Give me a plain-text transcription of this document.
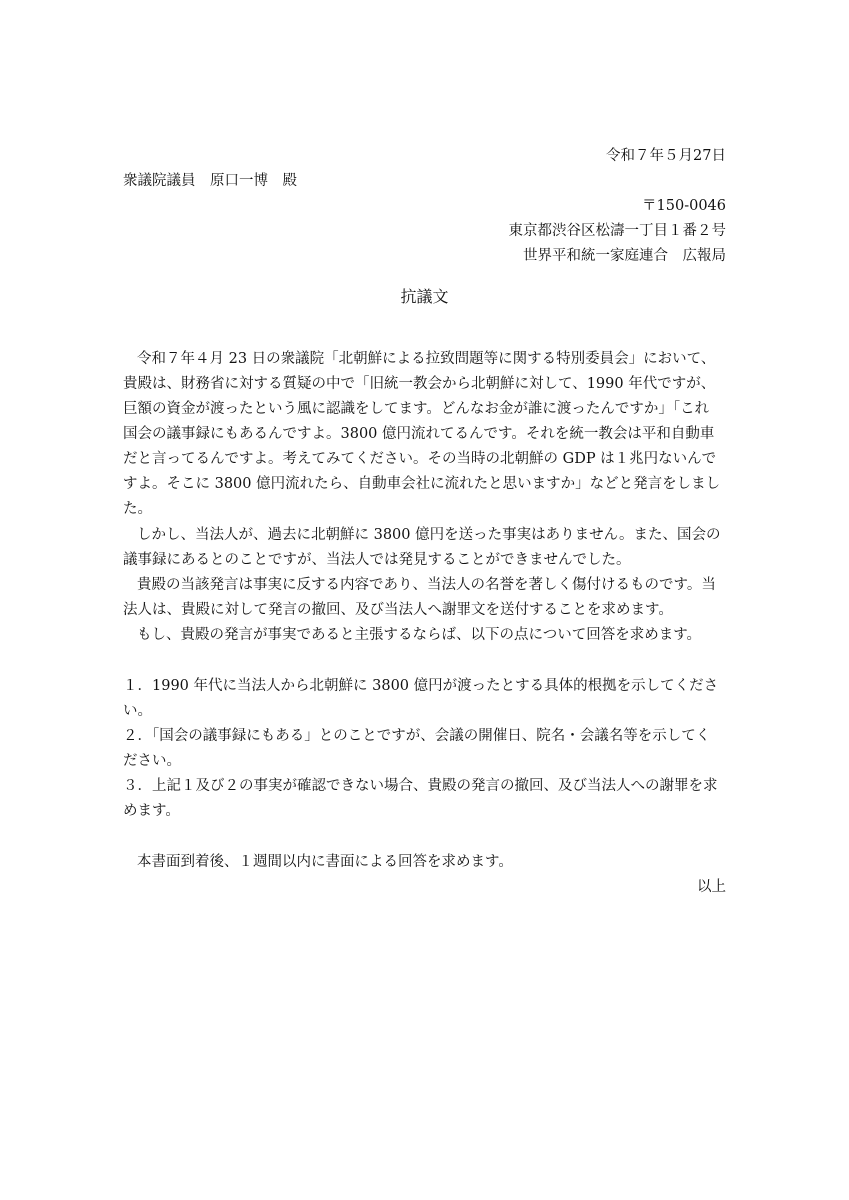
令和７年５月27日
衆議院議員　原口一博　殿
〒150-0046
東京都渋谷区松濤一丁目１番２号
世界平和統一家庭連合　広報局
抗議文
令和７年４月 23 日の衆議院「北朝鮮による拉致問題等に関する特別委員会」において、
貴殿は、財務省に対する質疑の中で「旧統一教会から北朝鮮に対して、1990 年代ですが、
巨額の資金が渡ったという風に認識をしてます。どんなお金が誰に渡ったんですか」「これ
国会の議事録にもあるんですよ。3800 億円流れてるんです。それを統一教会は平和自動車
だと言ってるんですよ。考えてみてください。その当時の北朝鮮の GDP は１兆円ないんで
すよ。そこに 3800 億円流れたら、自動車会社に流れたと思いますか」などと発言をしまし
た。
しかし、当法人が、過去に北朝鮮に 3800 億円を送った事実はありません。また、国会の
議事録にあるとのことですが、当法人では発見することができませんでした。
貴殿の当該発言は事実に反する内容であり、当法人の名誉を著しく傷付けるものです。当
法人は、貴殿に対して発言の撤回、及び当法人へ謝罪文を送付することを求めます。
もし、貴殿の発言が事実であると主張するならば、以下の点について回答を求めます。
１．1990 年代に当法人から北朝鮮に 3800 億円が渡ったとする具体的根拠を示してくださ
い。
２．「国会の議事録にもある」とのことですが、会議の開催日、院名・会議名等を示してく
ださい。
３．上記１及び２の事実が確認できない場合、貴殿の発言の撤回、及び当法人への謝罪を求
めます。
本書面到着後、１週間以内に書面による回答を求めます。
以上
